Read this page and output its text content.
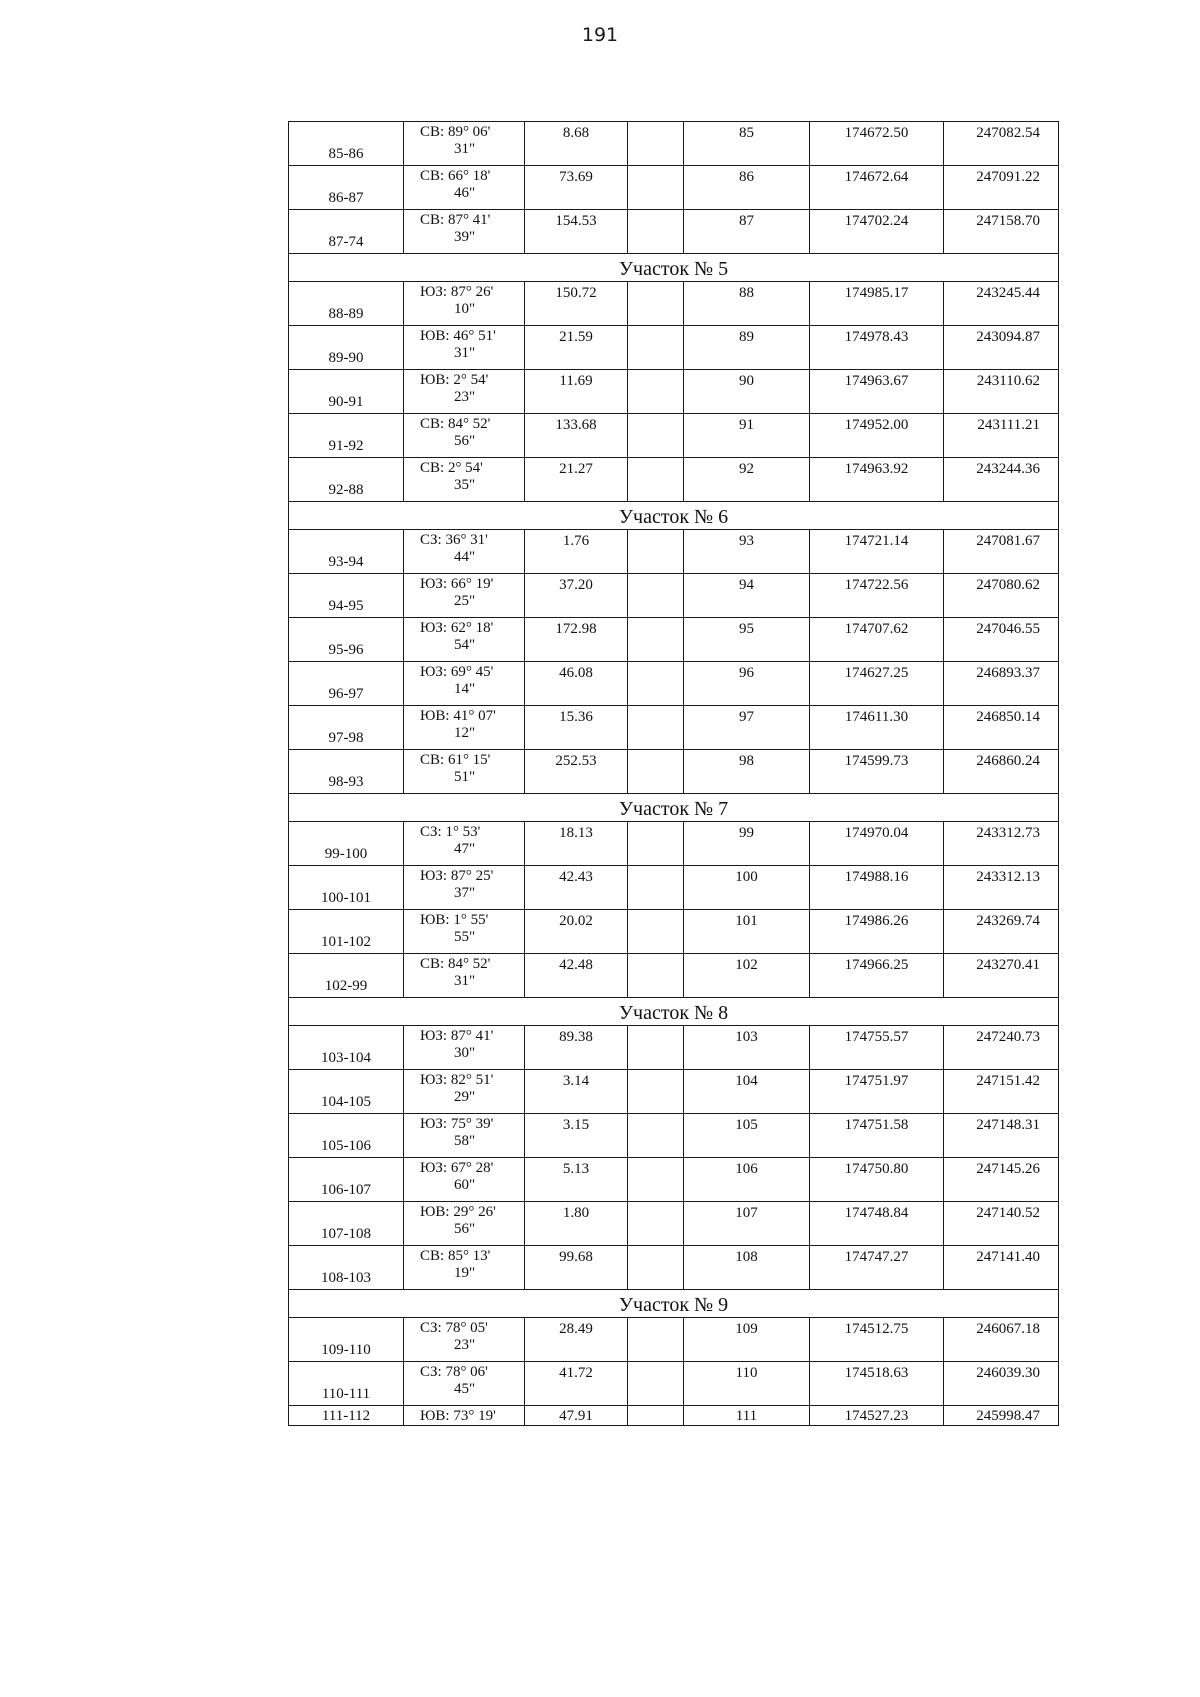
191
85-86	СВ: 89° 06'
31"	8.68		85	174672.50	247082.54
86-87	СВ: 66° 18'
46"	73.69		86	174672.64	247091.22
87-74	СВ: 87° 41'
39"	154.53		87	174702.24	247158.70
Участок № 5						
88-89	ЮЗ: 87° 26'
10"	150.72		88	174985.17	243245.44
89-90	ЮВ: 46° 51'
31"	21.59		89	174978.43	243094.87
90-91	ЮВ: 2° 54'
23"	11.69		90	174963.67	243110.62
91-92	СВ: 84° 52'
56"	133.68		91	174952.00	243111.21
92-88	СВ: 2° 54'
35"	21.27		92	174963.92	243244.36
Участок № 6						
93-94	СЗ: 36° 31'
44"	1.76		93	174721.14	247081.67
94-95	ЮЗ: 66° 19'
25"	37.20		94	174722.56	247080.62
95-96	ЮЗ: 62° 18'
54"	172.98		95	174707.62	247046.55
96-97	ЮЗ: 69° 45'
14"	46.08		96	174627.25	246893.37
97-98	ЮВ: 41° 07'
12"	15.36		97	174611.30	246850.14
98-93	СВ: 61° 15'
51"	252.53		98	174599.73	246860.24
Участок № 7						
99-100	СЗ: 1° 53'
47"	18.13		99	174970.04	243312.73
100-101	ЮЗ: 87° 25'
37"	42.43		100	174988.16	243312.13
101-102	ЮВ: 1° 55'
55"	20.02		101	174986.26	243269.74
102-99	СВ: 84° 52'
31"	42.48		102	174966.25	243270.41
Участок № 8						
103-104	ЮЗ: 87° 41'
30"	89.38		103	174755.57	247240.73
104-105	ЮЗ: 82° 51'
29"	3.14		104	174751.97	247151.42
105-106	ЮЗ: 75° 39'
58"	3.15		105	174751.58	247148.31
106-107	ЮЗ: 67° 28'
60"	5.13		106	174750.80	247145.26
107-108	ЮВ: 29° 26'
56"	1.80		107	174748.84	247140.52
108-103	СВ: 85° 13'
19"	99.68		108	174747.27	247141.40
Участок № 9						
109-110	СЗ: 78° 05'
23"	28.49		109	174512.75	246067.18
110-111	СЗ: 78° 06'
45"	41.72		110	174518.63	246039.30
111-112	ЮВ: 73° 19'	47.91		111	174527.23	245998.47
